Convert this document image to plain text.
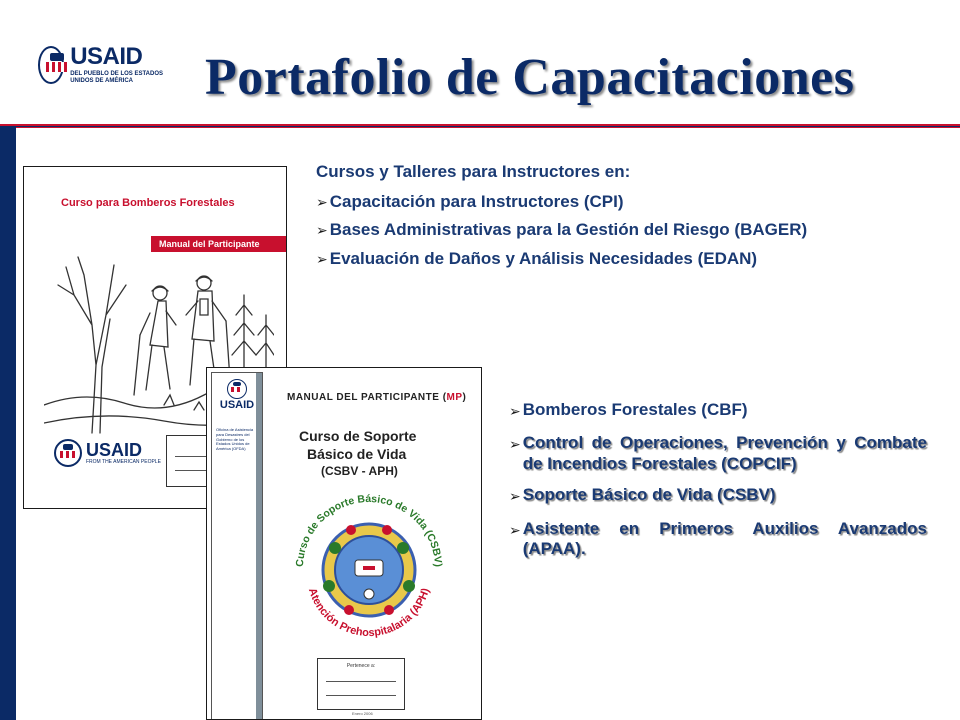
USAID
DEL PUEBLO DE LOS ESTADOS UNIDOS DE AMÉRICA	Portafolio de Capacitaciones
Curso para Bomberos Forestales
Manual del Participante
USAID
FROM THE AMERICAN PEOPLE
USAID
Oficina de Asistencia para Desastres del Gobierno de los Estados Unidos de América (OFDA)
MANUAL DEL PARTICIPANTE (MP)
Curso de Soporte
Básico de Vida
(CSBV - APH)
Curso de Soporte Básico de Vida (CSBV)
Atención Prehospitalaria (APH)
Pertenece a:
Enero 2006
Cursos y Talleres para Instructores en:
➢ Capacitación para Instructores (CPI)
➢ Bases Administrativas para la Gestión del Riesgo (BAGER)
➢ Evaluación de Daños y Análisis Necesidades (EDAN)
➢ Bomberos Forestales (CBF)
➢ Control de Operaciones, Prevención y Combate de Incendios Forestales (COPCIF)
➢ Soporte Básico de Vida (CSBV)
➢ Asistente en Primeros Auxilios Avanzados (APAA).
